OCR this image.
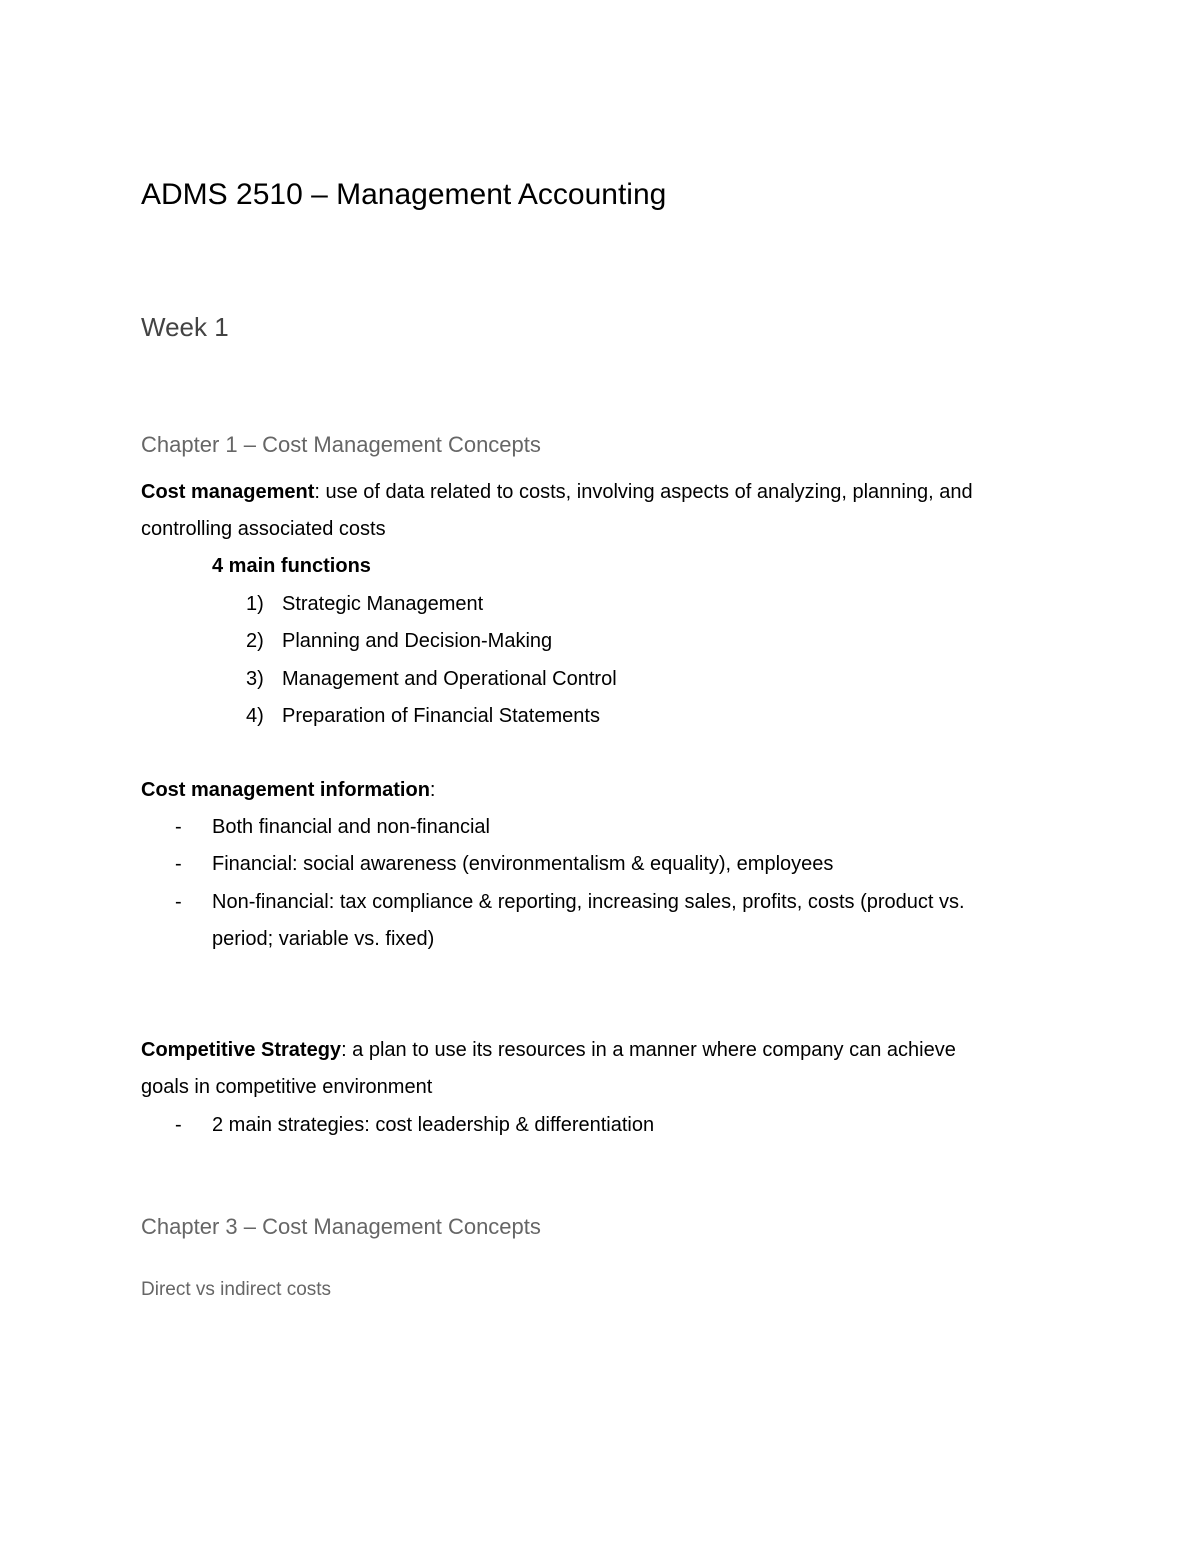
ADMS 2510 – Management Accounting
Week 1
Chapter 1 – Cost Management Concepts
Cost management: use of data related to costs, involving aspects of analyzing, planning, and
controlling associated costs
4 main functions
1) Strategic Management
2) Planning and Decision-Making
3) Management and Operational Control
4) Preparation of Financial Statements
Cost management information:
- Both financial and non-financial
- Financial: social awareness (environmentalism & equality), employees
- Non-financial: tax compliance & reporting, increasing sales, profits, costs (product vs.
period; variable vs. fixed)
Competitive Strategy: a plan to use its resources in a manner where company can achieve
goals in competitive environment
- 2 main strategies: cost leadership & differentiation
Chapter 3 – Cost Management Concepts
Direct vs indirect costs
